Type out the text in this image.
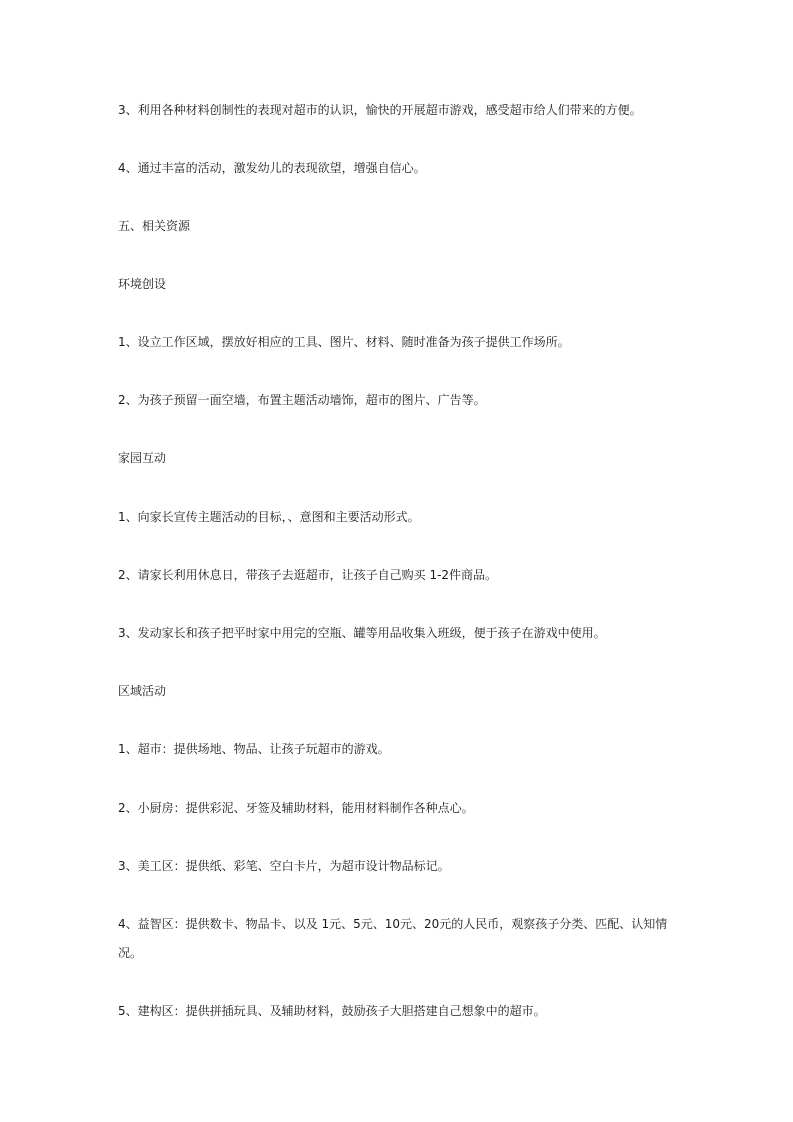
3、利用各种材料创制性的表现对超市的认识，愉快的开展超市游戏，感受超市给人们带来的方便。
4、通过丰富的活动，激发幼儿的表现欲望，增强自信心。
五、相关资源
环境创设
1、设立工作区域，摆放好相应的工具、图片、材料、随时准备为孩子提供工作场所。
2、为孩子预留一面空墙，布置主题活动墙饰，超市的图片、广告等。
家园互动
1、向家长宣传主题活动的目标，、意图和主要活动形式。
2、请家长利用休息日，带孩子去逛超市，让孩子自己购买 1-2件商品。
3、发动家长和孩子把平时家中用完的空瓶、罐等用品收集入班级，便于孩子在游戏中使用。
区域活动
1、超市：提供场地、物品、让孩子玩超市的游戏。
2、小厨房：提供彩泥、牙签及辅助材料，能用材料制作各种点心。
3、美工区：提供纸、彩笔、空白卡片，为超市设计物品标记。
4、益智区：提供数卡、物品卡、以及 1元、5元、10元、20元的人民币，观察孩子分类、匹配、认知情况。
5、建构区：提供拼插玩具、及辅助材料，鼓励孩子大胆搭建自己想象中的超市。
